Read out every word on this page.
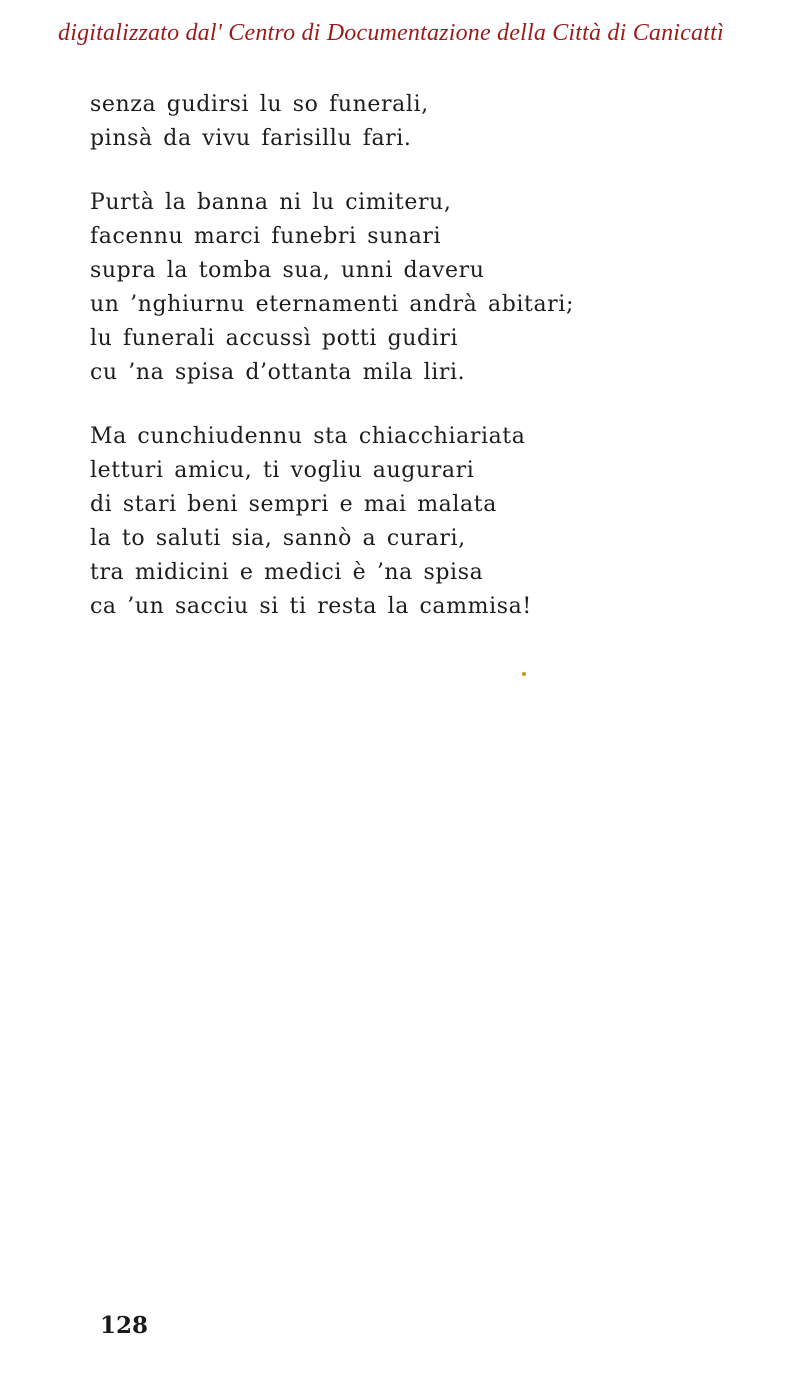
digitalizzato dal' Centro di Documentazione della Città di Canicattì
senza gudirsi lu so funerali,
pinsà da vivu farisillu fari.
Purtà la banna ni lu cimiteru,
facennu marci funebri sunari
supra la tomba sua, unni daveru
un ’nghiurnu eternamenti andrà abitari;
lu funerali accussì potti gudiri
cu ’na spisa d’ottanta mila liri.
Ma cunchiudennu sta chiacchiariata
letturi amicu, ti vogliu augurari
di stari beni sempri e mai malata
la to saluti sia, sannò a curari,
tra midicini e medici è ’na spisa
ca ’un sacciu si ti resta la cammisa!
128
